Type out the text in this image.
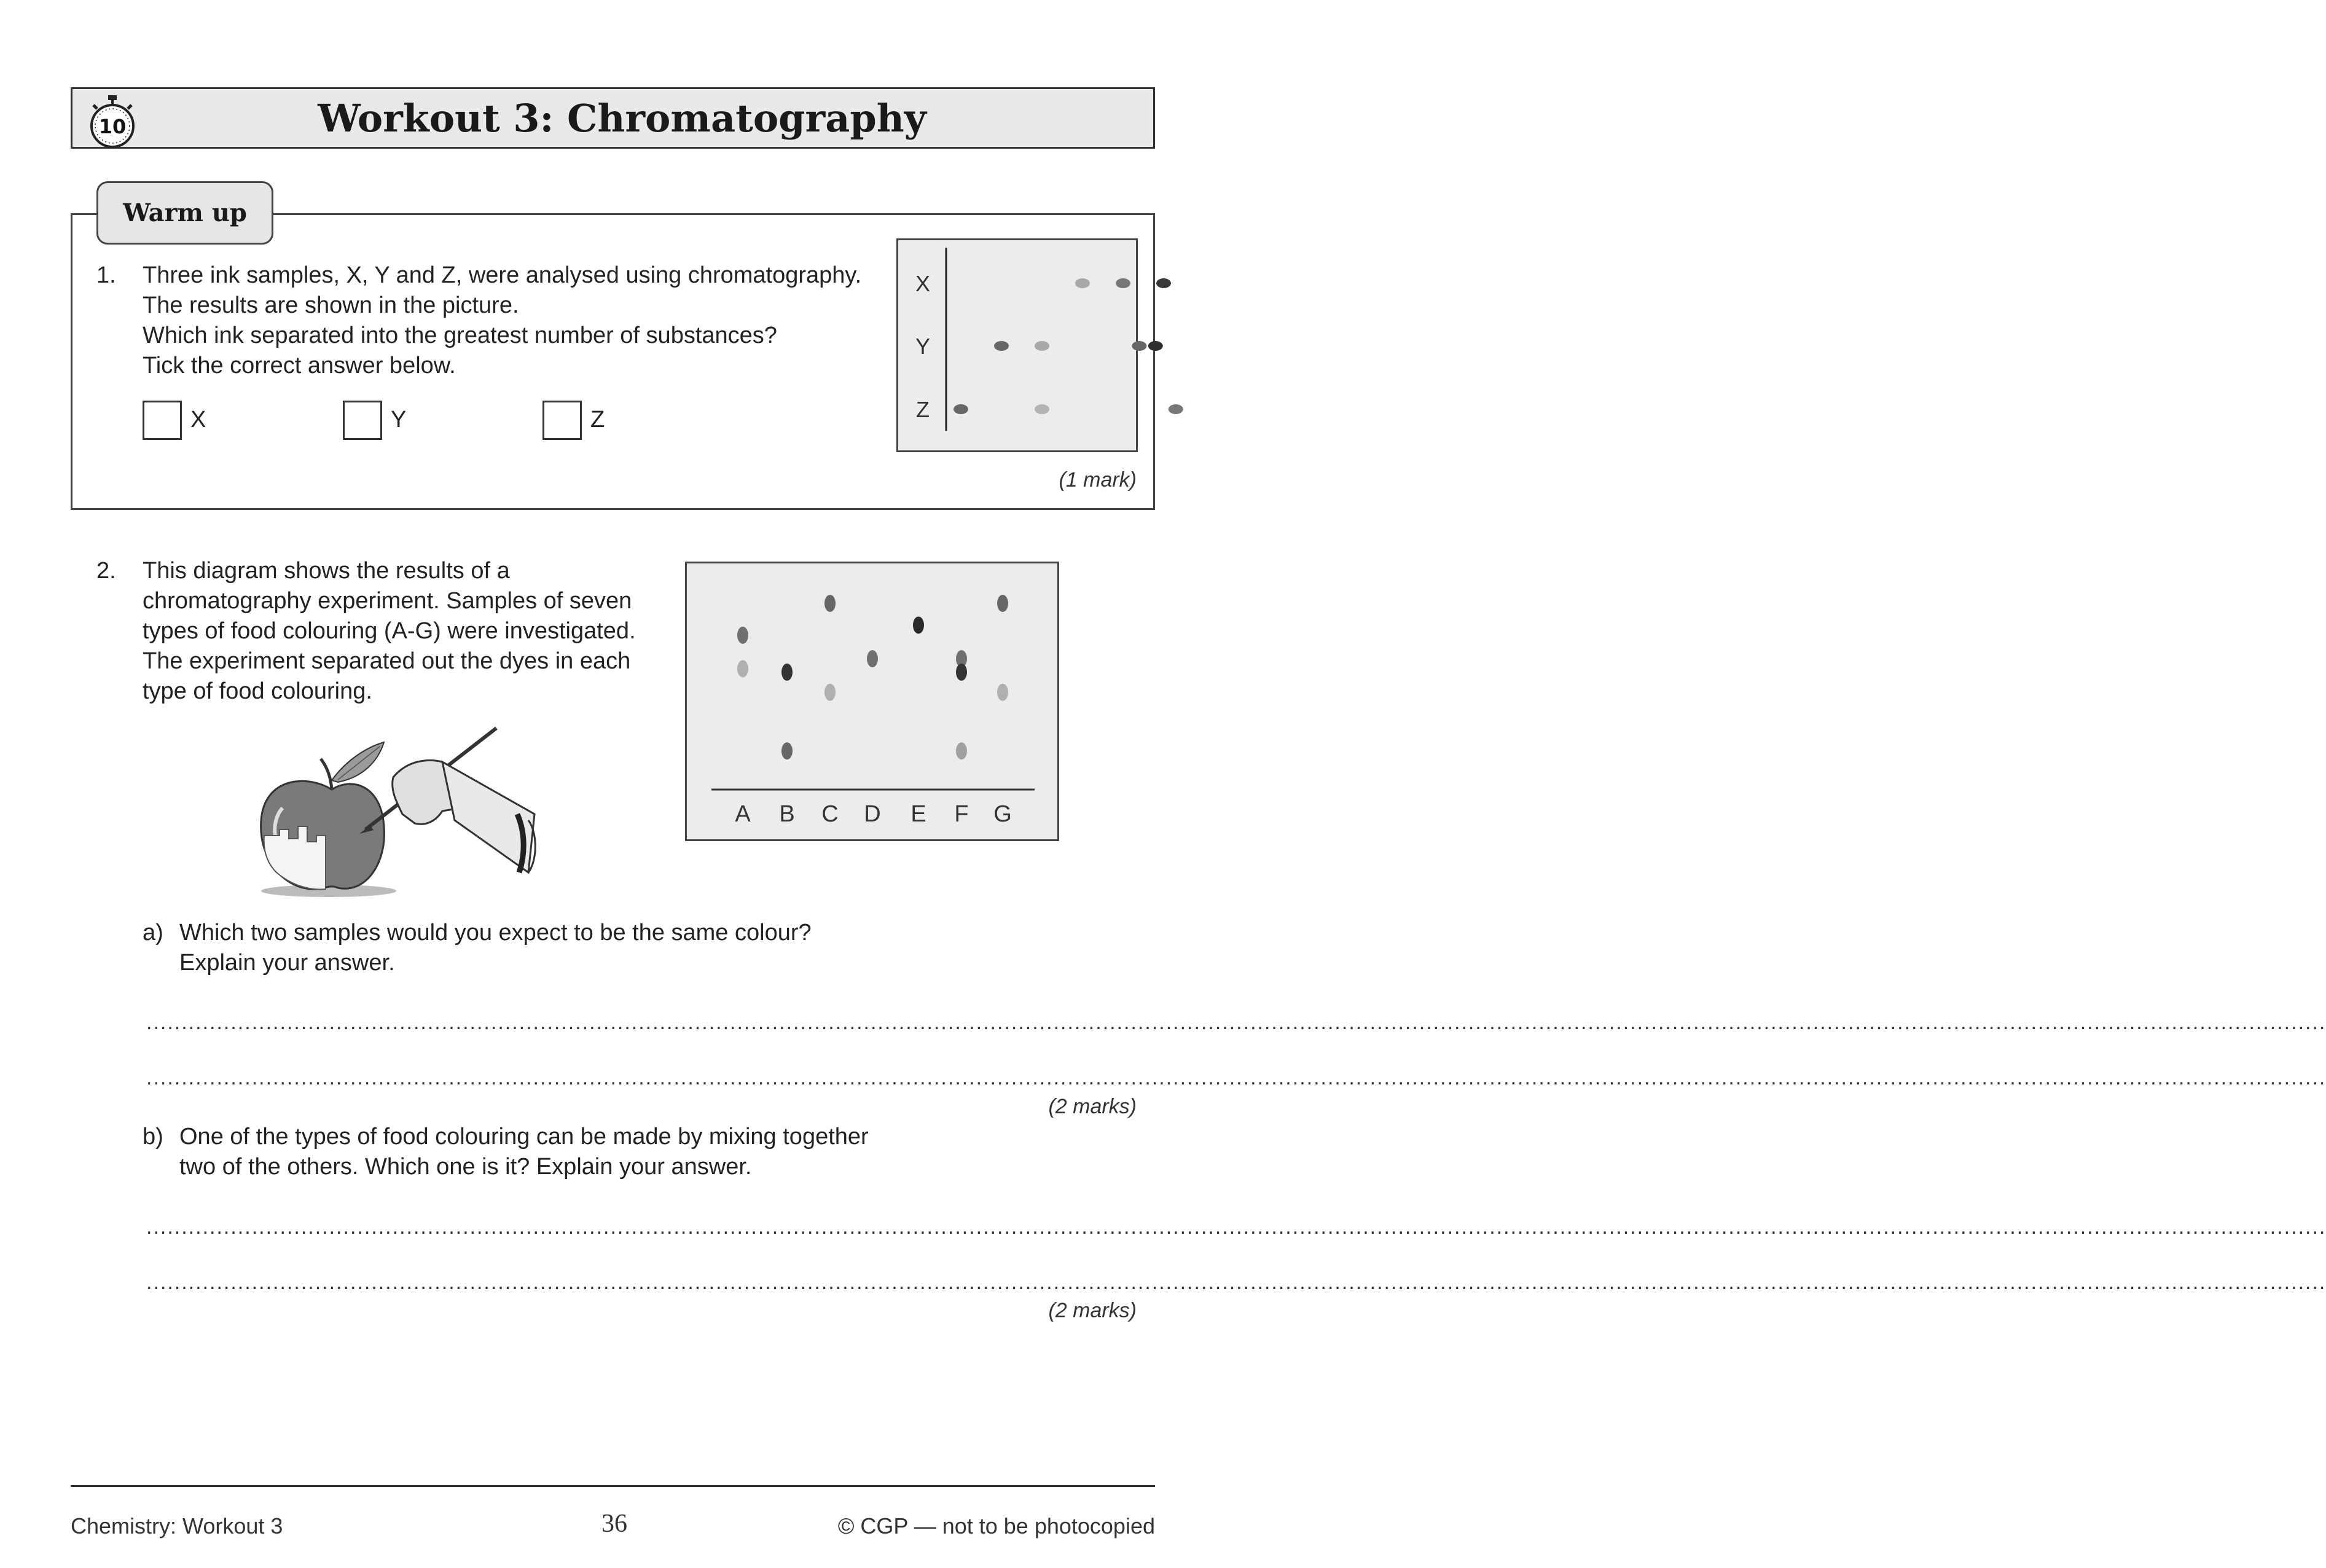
Workout 3: Chromatography
10
Warm up
1. Three ink samples, X, Y and Z, were analysed using chromatography.
The results are shown in the picture.
Which ink separated into the greatest number of substances?
Tick the correct answer below.
X	Y	Z
X
Y
Z
(1 mark)
2. This diagram shows the results of a
chromatography experiment. Samples of seven
types of food colouring (A-G) were investigated.
The experiment separated out the dyes in each
type of food colouring.
A B C D E F G
a) Which two samples would you expect to be the same colour?
Explain your answer.
......................................................................................................................................................................................................................................................................................................................
......................................................................................................................................................................................................................................................................................................................
(2 marks)
b) One of the types of food colouring can be made by mixing together
two of the others. Which one is it? Explain your answer.
......................................................................................................................................................................................................................................................................................................................
......................................................................................................................................................................................................................................................................................................................
(2 marks)
Chemistry: Workout 3	36	© CGP — not to be photocopied
